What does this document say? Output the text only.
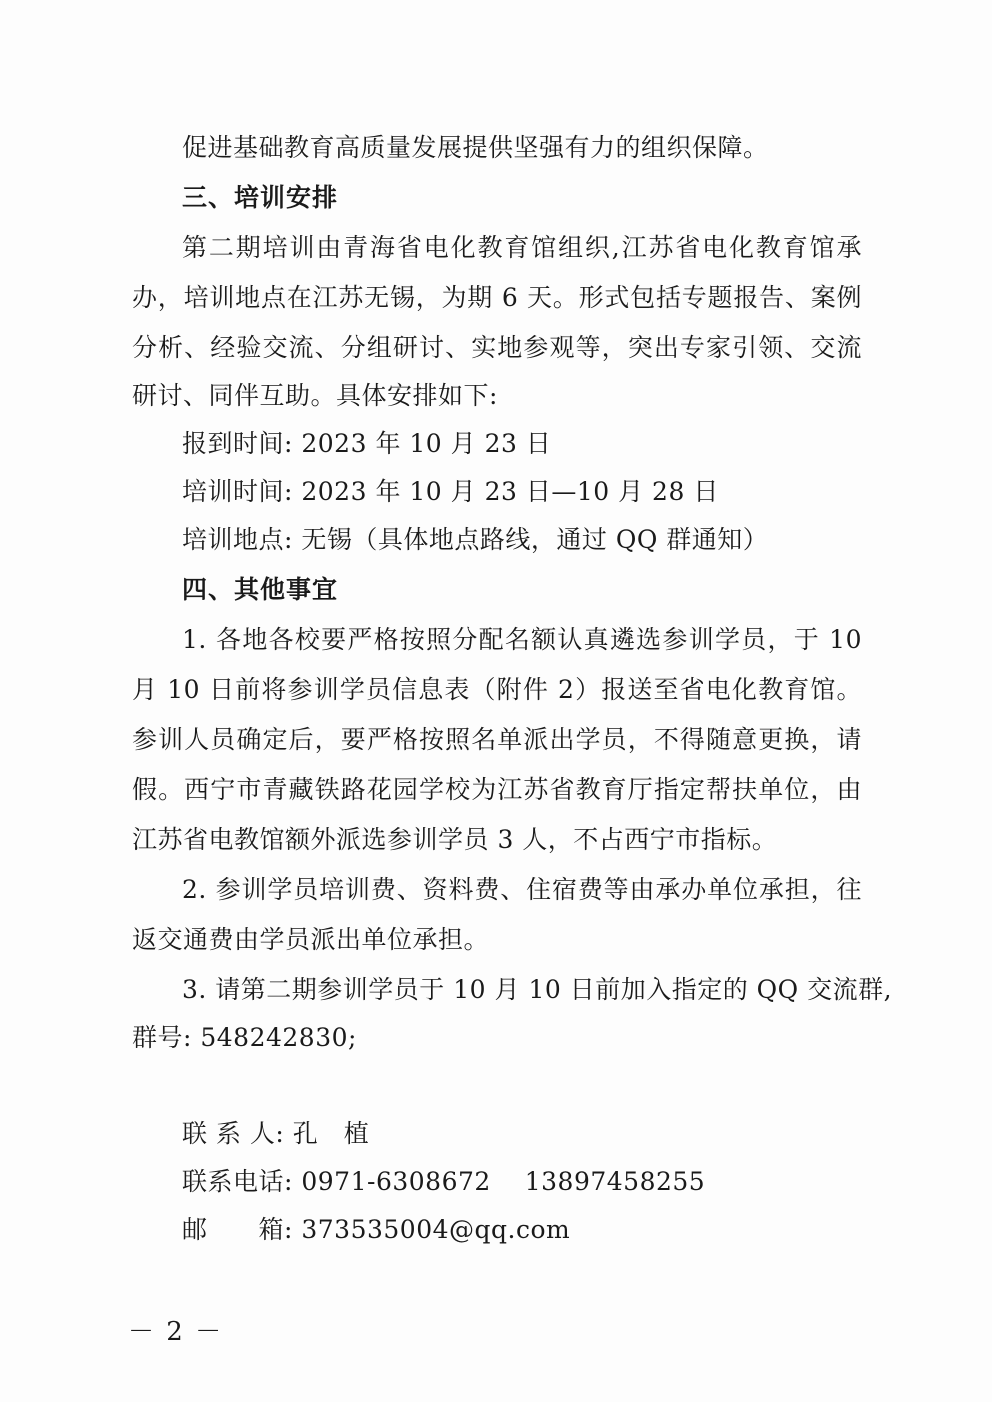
促进基础教育高质量发展提供坚强有力的组织保障。
三、培训安排
第二期培训由青海省电化教育馆组织,江苏省电化教育馆承
办，培训地点在江苏无锡，为期 6 天。形式包括专题报告、案例
分析、经验交流、分组研讨、实地参观等，突出专家引领、交流
研讨、同伴互助。具体安排如下:
报到时间: 2023 年 10 月 23 日
培训时间: 2023 年 10 月 23 日—10 月 28 日
培训地点: 无锡（具体地点路线，通过 QQ 群通知）
四、其他事宜
1. 各地各校要严格按照分配名额认真遴选参训学员，于 10
月 10 日前将参训学员信息表（附件 2）报送至省电化教育馆。
参训人员确定后，要严格按照名单派出学员，不得随意更换，请
假。西宁市青藏铁路花园学校为江苏省教育厅指定帮扶单位，由
江苏省电教馆额外派选参训学员 3 人，不占西宁市指标。
2. 参训学员培训费、资料费、住宿费等由承办单位承担，往
返交通费由学员派出单位承担。
3. 请第二期参训学员于 10 月 10 日前加入指定的 QQ 交流群,
群号: 548242830;
联 系 人: 孔　植
联系电话: 0971-6308672　 13897458255
邮　　箱: 373535004@qq.com
－ 2 －
